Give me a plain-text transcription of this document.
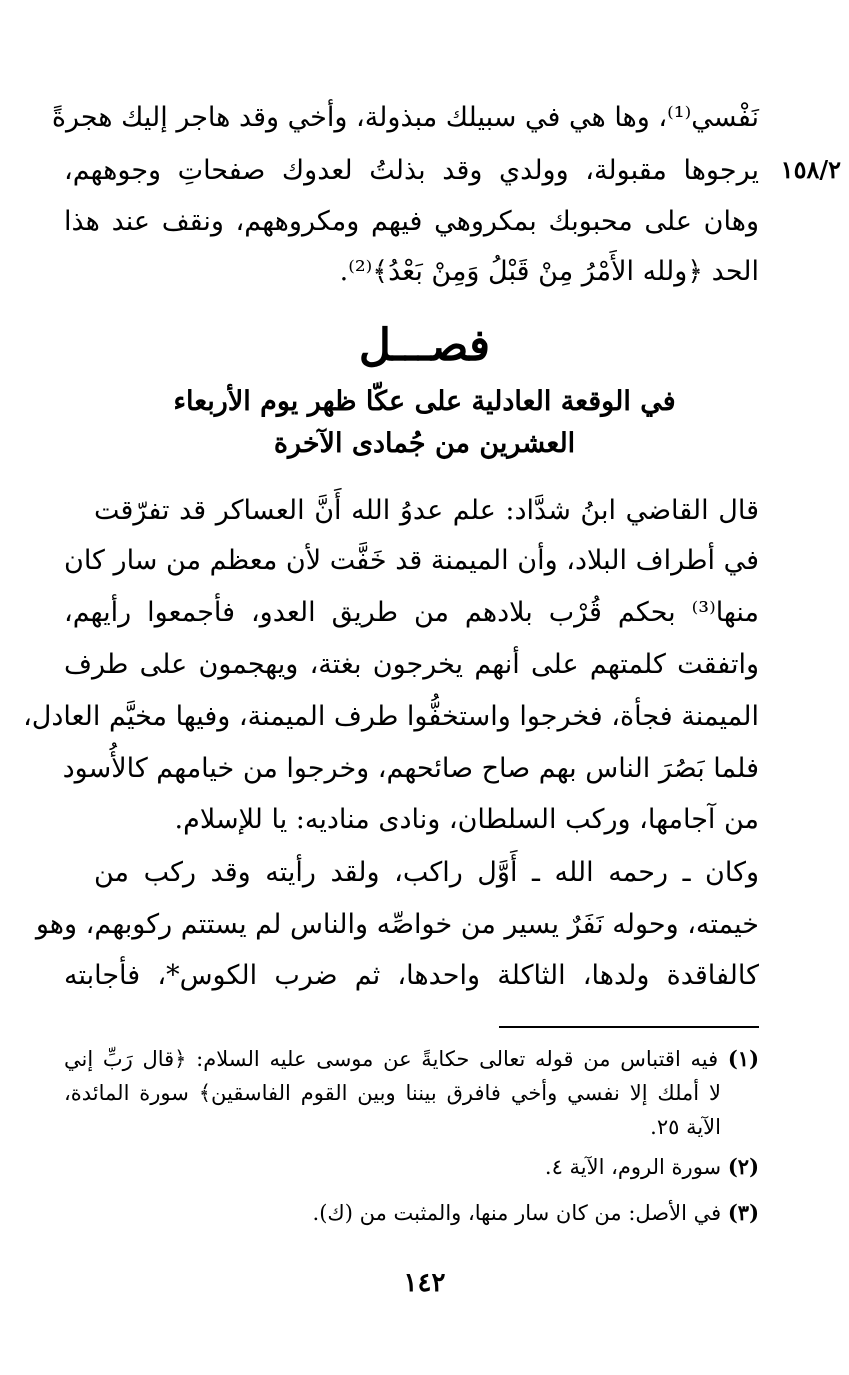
١٥٨/٢
نَفْسي⁽¹⁾، وها هي في سبيلك مبذولة، وأخي وقد هاجر إليك هجرةً
يرجوها مقبولة، وولدي وقد بذلتُ لعدوك صفحاتِ وجوههم،
وهان على محبوبك بمكروهي فيهم ومكروههم، ونقف عند هذا
الحد ﴿ولله الأَمْرُ مِنْ قَبْلُ وَمِنْ بَعْدُ﴾⁽²⁾.
فصـــل
في الوقعة العادلية على عكّا ظهر يوم الأربعاء
العشرين من جُمادى الآخرة
قال القاضي ابنُ شدَّاد: علم عدوُ الله أَنَّ العساكر قد تفرّقت
في أطراف البلاد، وأن الميمنة قد خَفَّت لأن معظم من سار كان
منها⁽³⁾ بحكم قُرْب بلادهم من طريق العدو، فأجمعوا رأيهم،
واتفقت كلمتهم على أنهم يخرجون بغتة، ويهجمون على طرف
الميمنة فجأة، فخرجوا واستخفُّوا طرف الميمنة، وفيها مخيَّم العادل،
فلما بَصُرَ الناس بهم صاح صائحهم، وخرجوا من خيامهم كالأُسود
من آجامها، وركب السلطان، ونادى مناديه: يا للإسلام.
وكان ـ رحمه الله ـ أَوَّل راكب، ولقد رأيته وقد ركب من
خيمته، وحوله نَفَرٌ يسير من خواصِّه والناس لم يستتم ركوبهم، وهو
كالفاقدة ولدها، الثاكلة واحدها، ثم ضرب الكوس*، فأجابته
(١) فيه اقتباس من قوله تعالى حكايةً عن موسى عليه السلام: ﴿قال رَبِّ إني
لا أملك إلا نفسي وأخي فافرق بيننا وبين القوم الفاسقين﴾ سورة المائدة،
الآية ٢٥.
(٢) سورة الروم، الآية ٤.
(٣) في الأصل: من كان سار منها، والمثبت من (ك).
١٤٢
